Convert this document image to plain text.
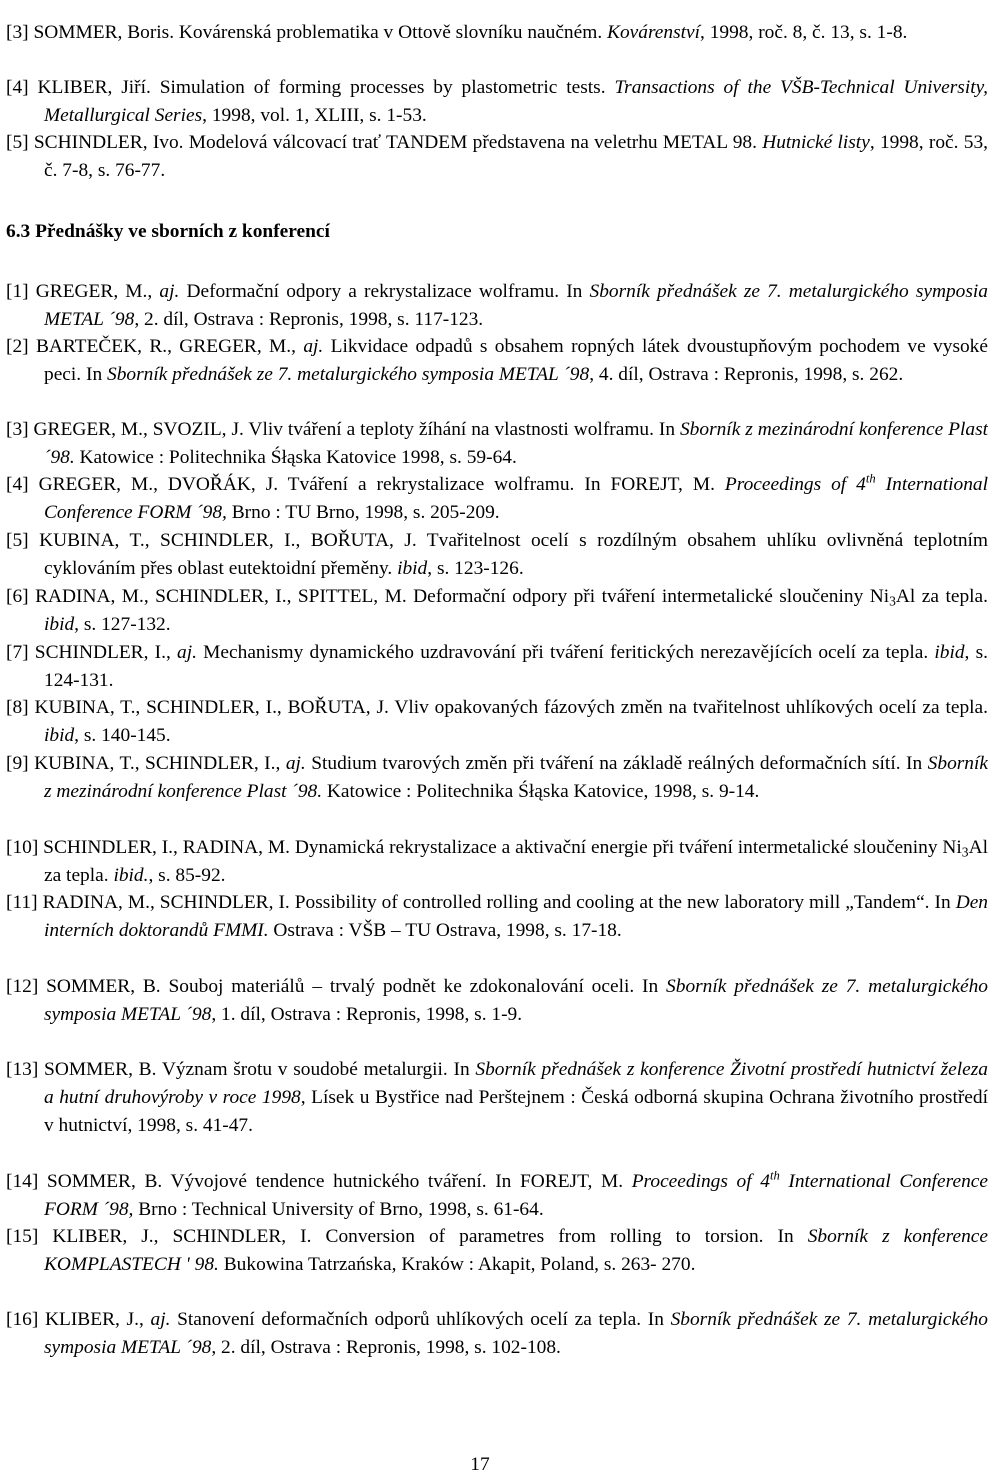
[3] SOMMER, Boris. Kovárenská problematika v Ottově slovníku naučném. Kovárenství, 1998, roč. 8, č. 13, s. 1-8.

[4] KLIBER, Jiří. Simulation of forming processes by plastometric tests. Transactions of the VŠB-Technical University, Metallurgical Series, 1998, vol. 1, XLIII, s. 1-53.

[5] SCHINDLER, Ivo. Modelová válcovací trať TANDEM představena na veletrhu METAL 98. Hutnické listy, 1998, roč. 53, č. 7-8, s. 76-77.

6.3 Přednášky ve sborních z konferencí

[1] GREGER, M., aj. Deformační odpory a rekrystalizace wolframu. In Sborník přednášek ze 7. metalurgického symposia METAL ´98, 2. díl, Ostrava : Repronis, 1998, s. 117-123.

[2] BARTEČEK, R., GREGER, M., aj. Likvidace odpadů s obsahem ropných látek dvoustupňovým pochodem ve vysoké peci. In Sborník přednášek ze 7. metalurgického symposia METAL ´98, 4. díl, Ostrava : Repronis, 1998, s. 262.

[3] GREGER, M., SVOZIL, J. Vliv tváření a teploty žíhání na vlastnosti wolframu. In Sborník z mezinárodní konference Plast ´98. Katowice : Politechnika Śłąska Katovice 1998, s. 59-64.

[4] GREGER, M., DVOŘÁK, J. Tváření a rekrystalizace wolframu. In FOREJT, M. Proceedings of 4th International Conference FORM ´98, Brno : TU Brno, 1998, s. 205-209.

[5] KUBINA, T., SCHINDLER, I., BOŘUTA, J. Tvařitelnost ocelí s rozdílným obsahem uhlíku ovlivněná teplotním cyklováním přes oblast eutektoidní přeměny. ibid, s. 123-126.

[6] RADINA, M., SCHINDLER, I., SPITTEL, M. Deformační odpory při tváření intermetalické sloučeniny $Ni_3Al$ za tepla. ibid, s. 127-132.

[7] SCHINDLER, I., aj. Mechanismy dynamického uzdravování při tváření feritických nerezavějících ocelí za tepla. ibid, s. 124-131.

[8] KUBINA, T., SCHINDLER, I., BOŘUTA, J. Vliv opakovaných fázových změn na tvařitelnost uhlíkových ocelí za tepla. ibid, s. 140-145.

[9] KUBINA, T., SCHINDLER, I., aj. Studium tvarových změn při tváření na základě reálných deformačních sítí. In Sborník z mezinárodní konference Plast ´98. Katowice : Politechnika Śłąska Katovice, 1998, s. 9-14.

[10] SCHINDLER, I., RADINA, M. Dynamická rekrystalizace a aktivační energie při tváření intermetalické sloučeniny $Ni_3Al$ za tepla. ibid., s. 85-92.

[11] RADINA, M., SCHINDLER, I. Possibility of controlled rolling and cooling at the new laboratory mill „Tandem“. In Den interních doktorandů FMMI. Ostrava : VŠB – TU Ostrava, 1998, s. 17-18.

[12] SOMMER, B. Souboj materiálů – trvalý podnět ke zdokonalování oceli. In Sborník přednášek ze 7. metalurgického symposia METAL ´98, 1. díl, Ostrava : Repronis, 1998, s. 1-9.

[13] SOMMER, B. Význam šrotu v soudobé metalurgii. In Sborník přednášek z konference Životní prostředí hutnictví železa a hutní druhovýroby v roce 1998, Lísek u Bystřice nad Perštejnem : Česká odborná skupina Ochrana životního prostředí v hutnictví, 1998, s. 41-47.

[14] SOMMER, B. Vývojové tendence hutnického tváření. In FOREJT, M. Proceedings of 4th International Conference FORM ´98, Brno : Technical University of Brno, 1998, s. 61-64.

[15] KLIBER, J., SCHINDLER, I. Conversion of parametres from rolling to torsion. In Sborník z konference KOMPLASTECH ' 98. Bukowina Tatrzańska, Kraków : Akapit, Poland, s. 263- 270.

[16] KLIBER, J., aj. Stanovení deformačních odporů uhlíkových ocelí za tepla. In Sborník přednášek ze 7. metalurgického symposia METAL ´98, 2. díl, Ostrava : Repronis, 1998, s. 102-108.

17
